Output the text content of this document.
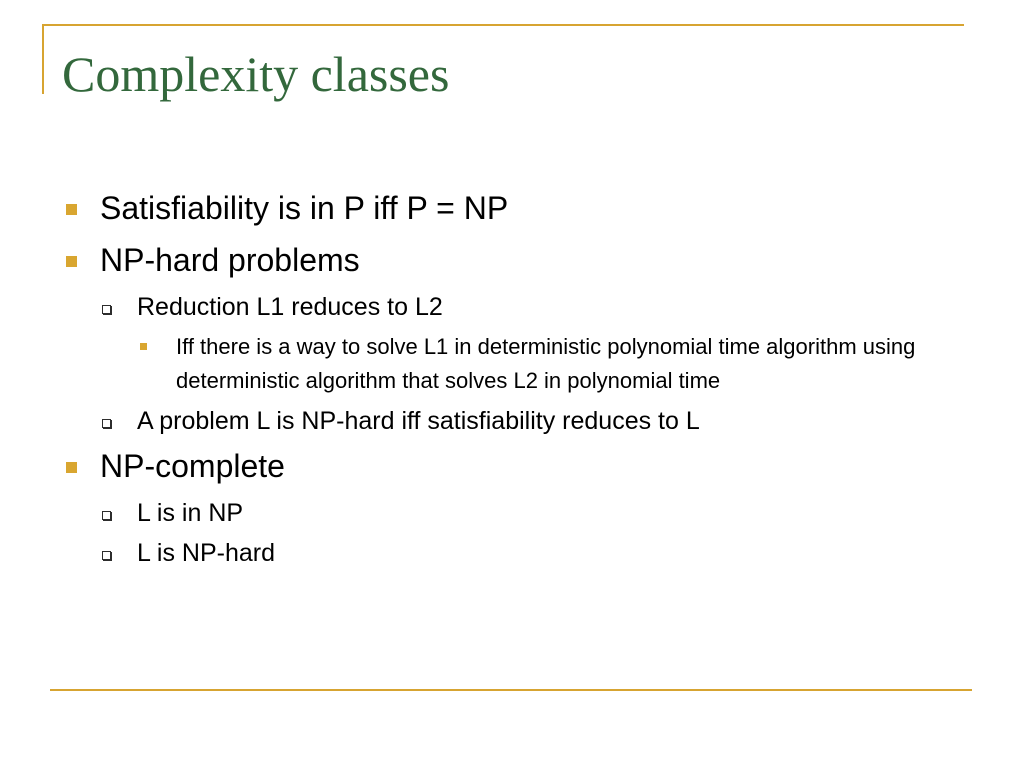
Complexity classes
Satisfiability is in P iff P = NP
NP-hard problems
Reduction L1 reduces to L2
Iff there is a way to solve L1 in deterministic polynomial time algorithm using deterministic algorithm that solves L2 in polynomial time
A problem L is NP-hard iff satisfiability reduces to L
NP-complete
L is in NP
L is NP-hard
